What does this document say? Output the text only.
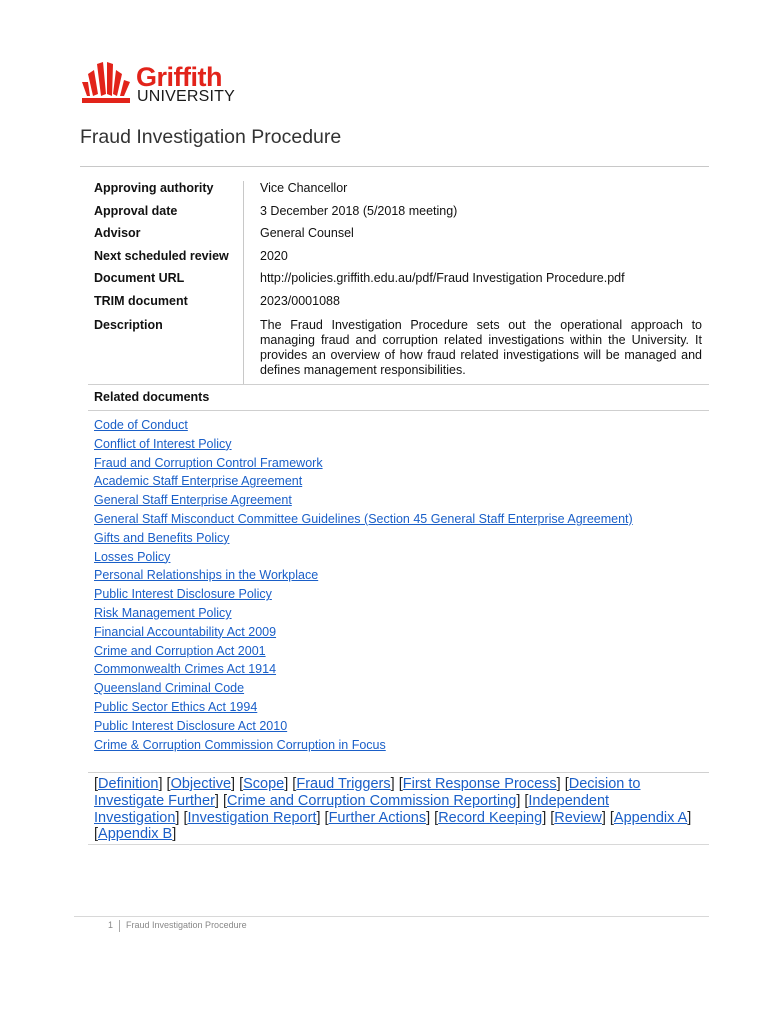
Griffith
UNIVERSITY
Fraud Investigation Procedure
Approving authority	Vice Chancellor
Approval date	3 December 2018 (5/2018 meeting)
Advisor	General Counsel
Next scheduled review 2020
Document URL	http://policies.griffith.edu.au/pdf/Fraud Investigation Procedure.pdf
TRIM document	2023/0001088
Description	The Fraud Investigation Procedure sets out the operational approach to managing fraud and corruption related investigations within the University. It provides an overview of how fraud related investigations will be managed and defines management responsibilities.
Related documents
Code of Conduct
Conflict of Interest Policy
Fraud and Corruption Control Framework
Academic Staff Enterprise Agreement
General Staff Enterprise Agreement
General Staff Misconduct Committee Guidelines (Section 45 General Staff Enterprise Agreement)
Gifts and Benefits Policy
Losses Policy
Personal Relationships in the Workplace
Public Interest Disclosure Policy
Risk Management Policy
Financial Accountability Act 2009
Crime and Corruption Act 2001
Commonwealth Crimes Act 1914
Queensland Criminal Code
Public Sector Ethics Act 1994
Public Interest Disclosure Act 2010
Crime & Corruption Commission Corruption in Focus
[Definition] [Objective] [Scope] [Fraud Triggers] [First Response Process] [Decision to Investigate Further] [Crime and Corruption Commission Reporting] [Independent Investigation] [Investigation Report] [Further Actions] [Record Keeping] [Review] [Appendix A] [Appendix B]
1 Fraud Investigation Procedure
